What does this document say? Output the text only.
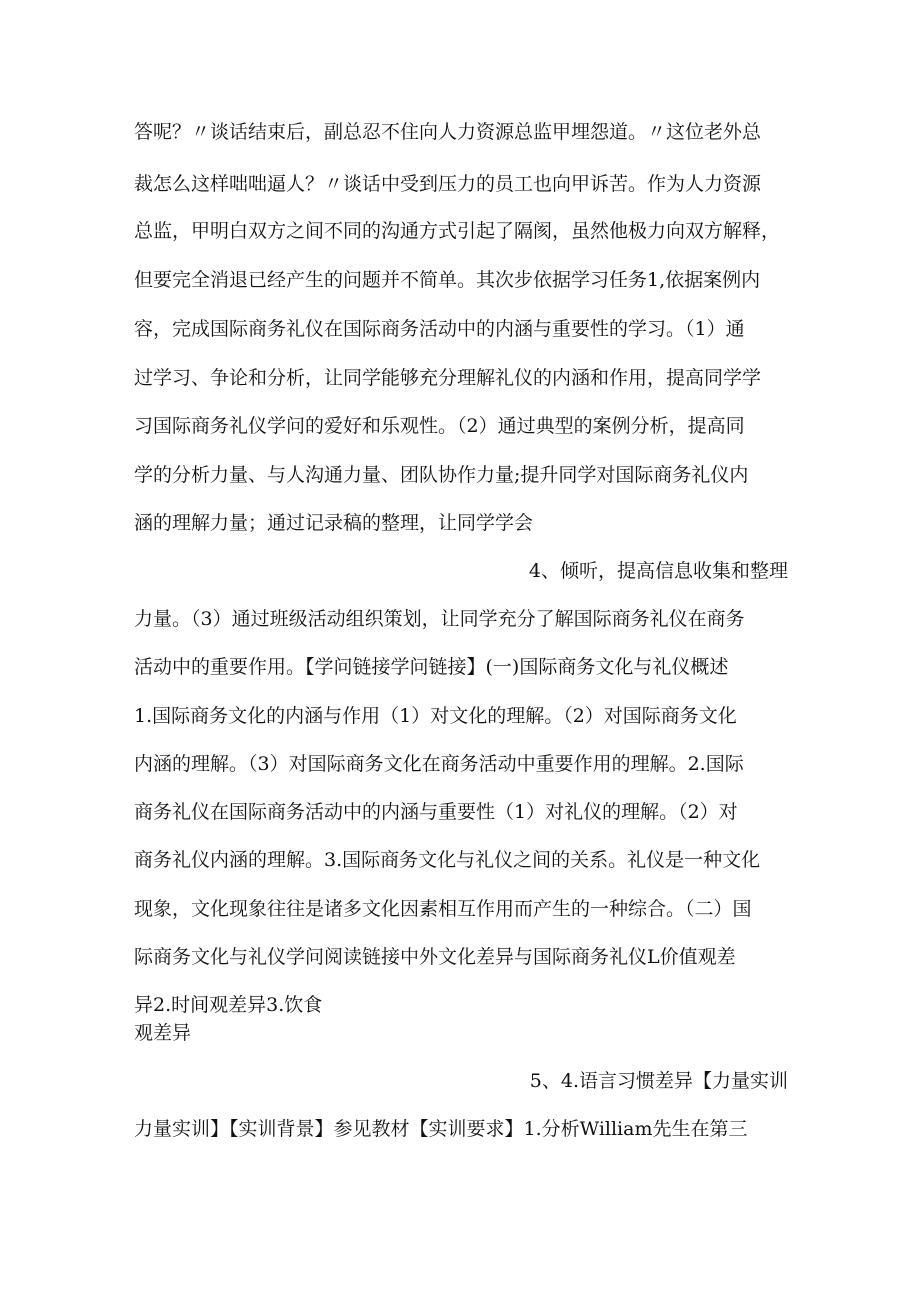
答呢？〃谈话结束后，副总忍不住向人力资源总监甲埋怨道。〃这位老外总
裁怎么这样咄咄逼人？〃谈话中受到压力的员工也向甲诉苦。作为人力资源
总监，甲明白双方之间不同的沟通方式引起了隔阂，虽然他极力向双方解释，
但要完全消退已经产生的问题并不简单。其次步依据学习任务1,依据案例内
容，完成国际商务礼仪在国际商务活动中的内涵与重要性的学习。（1）通
过学习、争论和分析，让同学能够充分理解礼仪的内涵和作用，提高同学学
习国际商务礼仪学问的爱好和乐观性。（2）通过典型的案例分析，提高同
学的分析力量、与人沟通力量、团队协作力量;提升同学对国际商务礼仪内
涵的理解力量；通过记录稿的整理，让同学学会
4、倾听，提高信息收集和整理
力量。（3）通过班级活动组织策划，让同学充分了解国际商务礼仪在商务
活动中的重要作用。【学问链接学问链接】(一)国际商务文化与礼仪概述
1.国际商务文化的内涵与作用（1）对文化的理解。（2）对国际商务文化
内涵的理解。（3）对国际商务文化在商务活动中重要作用的理解。2.国际
商务礼仪在国际商务活动中的内涵与重要性（1）对礼仪的理解。（2）对
商务礼仪内涵的理解。3.国际商务文化与礼仪之间的关系。礼仪是一种文化
现象，文化现象往往是诸多文化因素相互作用而产生的一种综合。（二）国
际商务文化与礼仪学问阅读链接中外文化差异与国际商务礼仪L价值观差
异2.时间观差异3.饮食
观差异
5、4.语言习惯差异【力量实训
力量实训】【实训背景】参见教材【实训要求】1.分析William先生在第三
